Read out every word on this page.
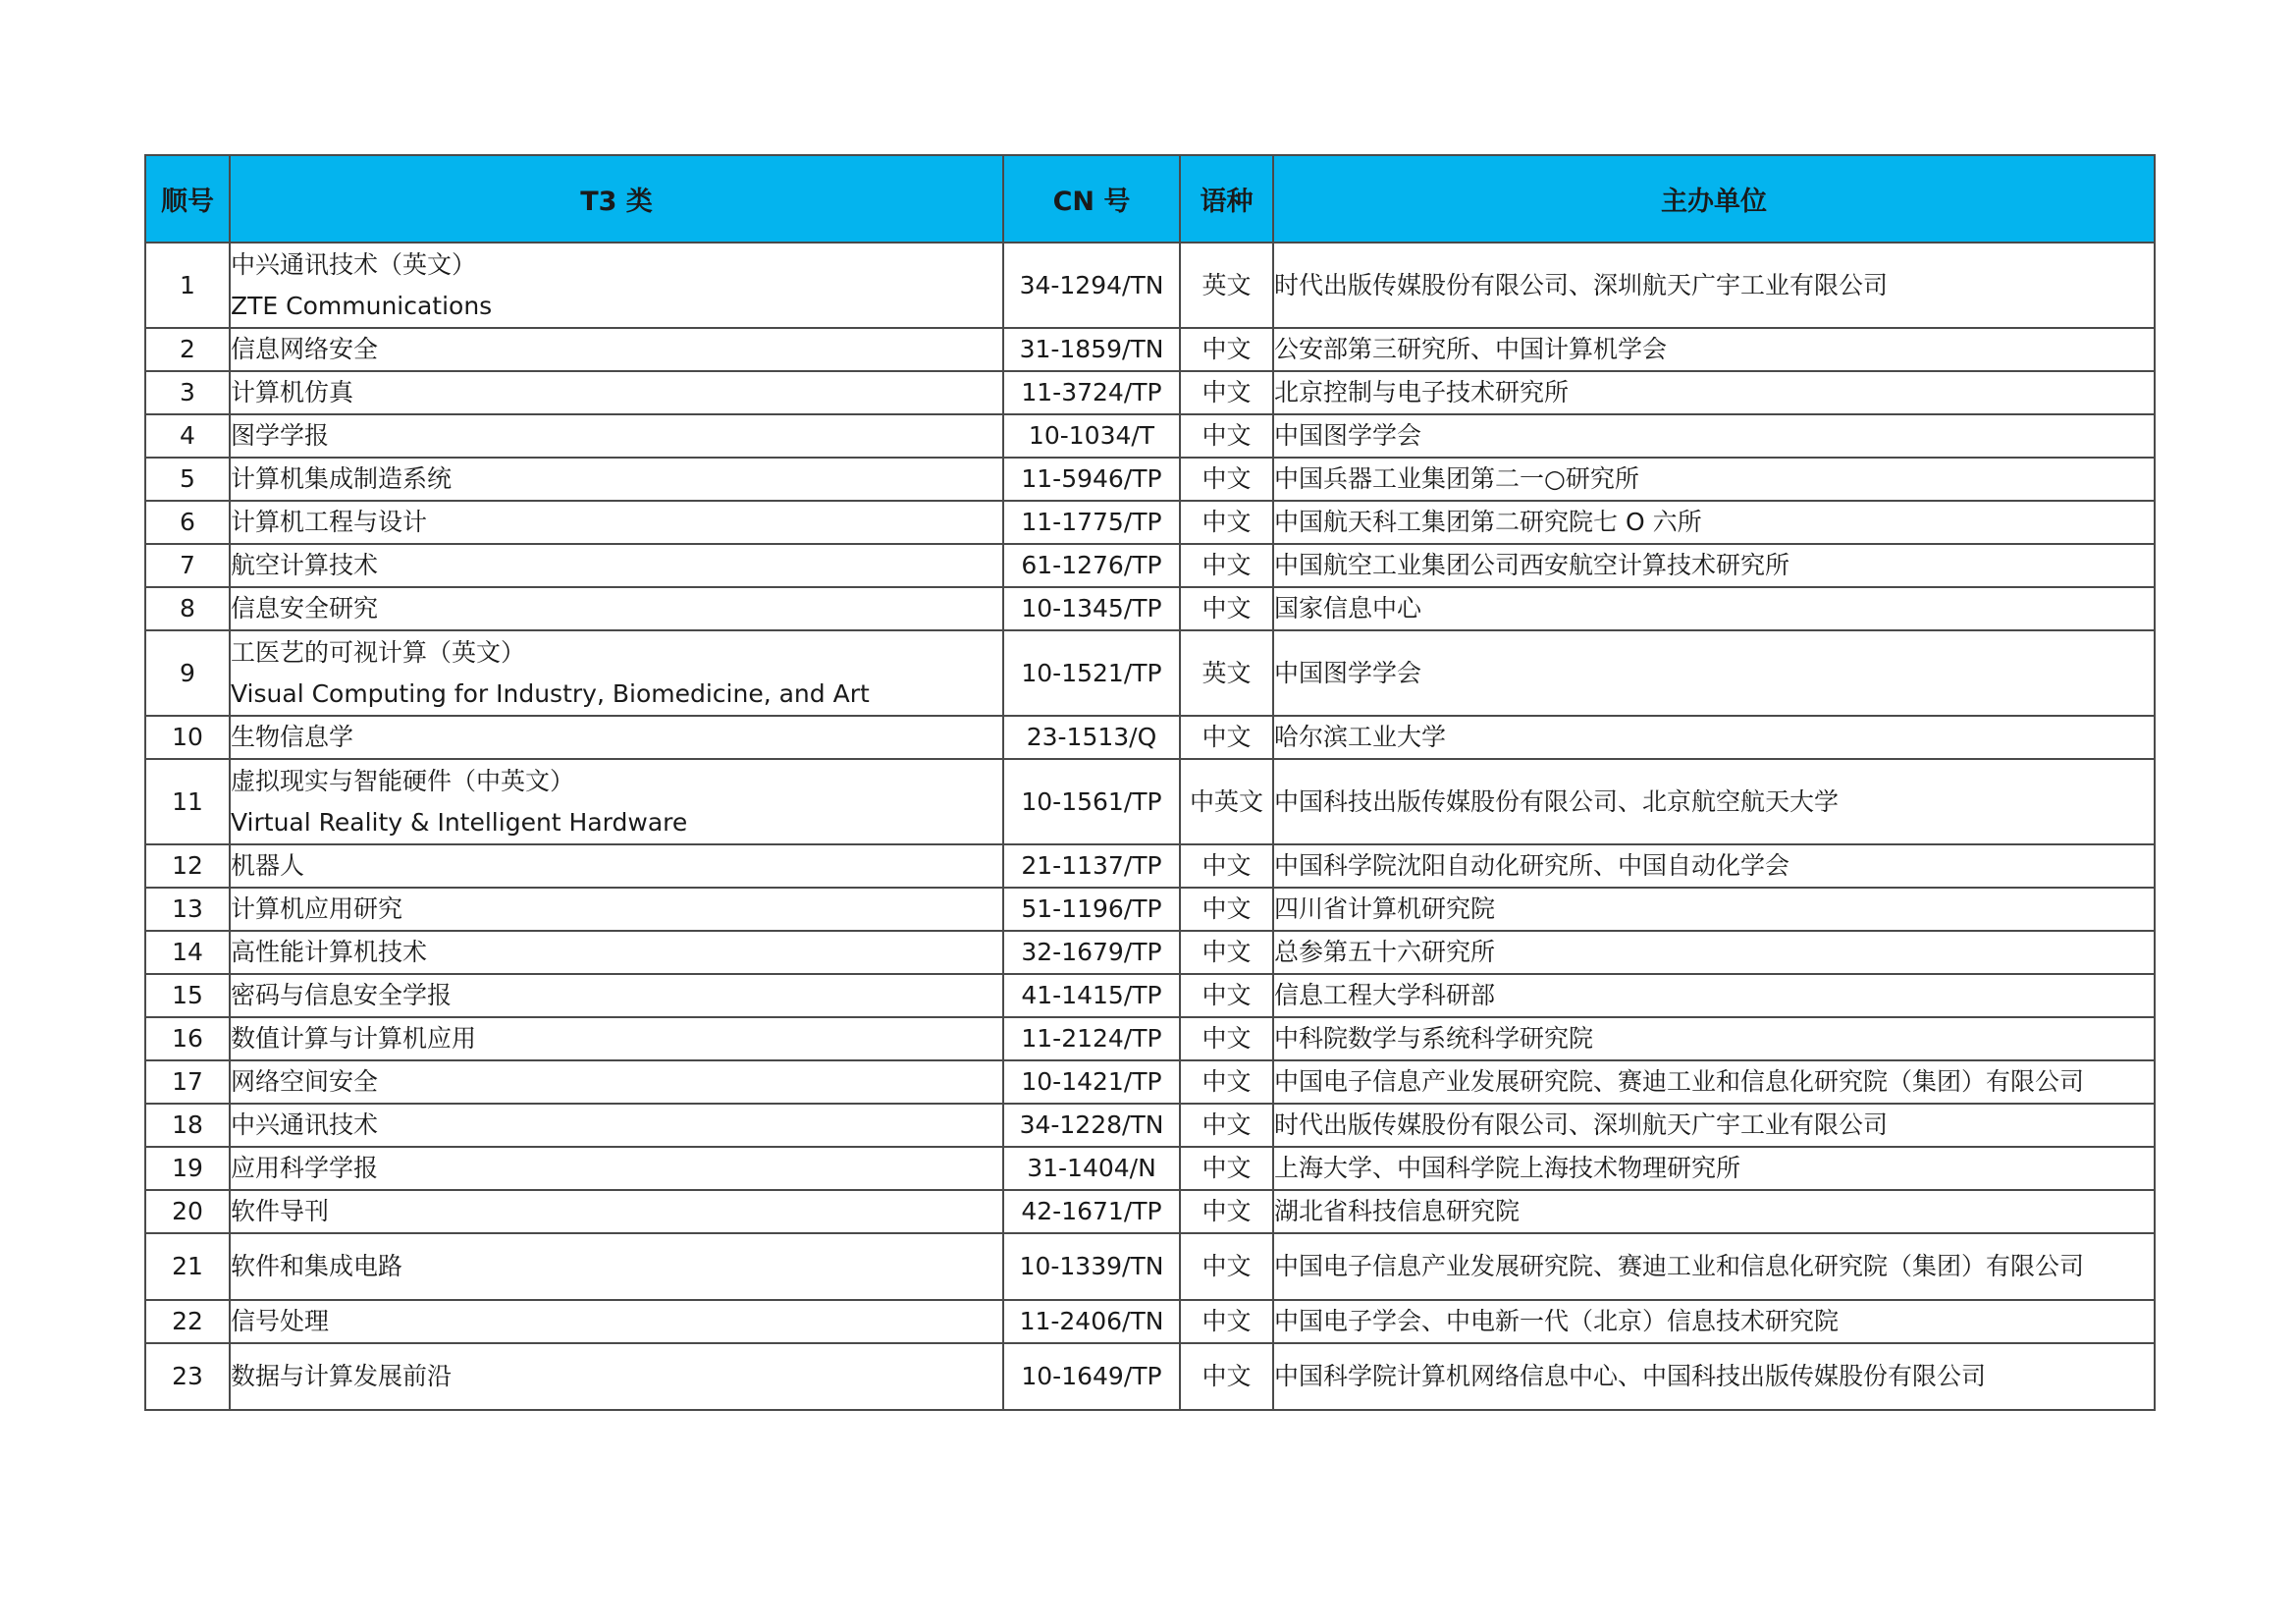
顺号	T3 类	CN 号	语种	主办单位
1	中兴通讯技术（英文）
ZTE Communications	34-1294/TN	英文	时代出版传媒股份有限公司、深圳航天广宇工业有限公司
2	信息网络安全	31-1859/TN	中文	公安部第三研究所、中国计算机学会
3	计算机仿真	11-3724/TP	中文	北京控制与电子技术研究所
4	图学学报	10-1034/T	中文	中国图学学会
5	计算机集成制造系统	11-5946/TP	中文	中国兵器工业集团第二一○研究所
6	计算机工程与设计	11-1775/TP	中文	中国航天科工集团第二研究院七 O 六所
7	航空计算技术	61-1276/TP	中文	中国航空工业集团公司西安航空计算技术研究所
8	信息安全研究	10-1345/TP	中文	国家信息中心
9	工医艺的可视计算（英文）
Visual Computing for Industry, Biomedicine, and Art	10-1521/TP	英文	中国图学学会
10	生物信息学	23-1513/Q	中文	哈尔滨工业大学
11	虚拟现实与智能硬件（中英文）
Virtual Reality & Intelligent Hardware	10-1561/TP	中英文	中国科技出版传媒股份有限公司、北京航空航天大学
12	机器人	21-1137/TP	中文	中国科学院沈阳自动化研究所、中国自动化学会
13	计算机应用研究	51-1196/TP	中文	四川省计算机研究院
14	高性能计算机技术	32-1679/TP	中文	总参第五十六研究所
15	密码与信息安全学报	41-1415/TP	中文	信息工程大学科研部
16	数值计算与计算机应用	11-2124/TP	中文	中科院数学与系统科学研究院
17	网络空间安全	10-1421/TP	中文	中国电子信息产业发展研究院、赛迪工业和信息化研究院（集团）有限公司
18	中兴通讯技术	34-1228/TN	中文	时代出版传媒股份有限公司、深圳航天广宇工业有限公司
19	应用科学学报	31-1404/N	中文	上海大学、中国科学院上海技术物理研究所
20	软件导刊	42-1671/TP	中文	湖北省科技信息研究院
21	软件和集成电路	10-1339/TN	中文	中国电子信息产业发展研究院、赛迪工业和信息化研究院（集团）有限公司
22	信号处理	11-2406/TN	中文	中国电子学会、中电新一代（北京）信息技术研究院
23	数据与计算发展前沿	10-1649/TP	中文	中国科学院计算机网络信息中心、中国科技出版传媒股份有限公司
